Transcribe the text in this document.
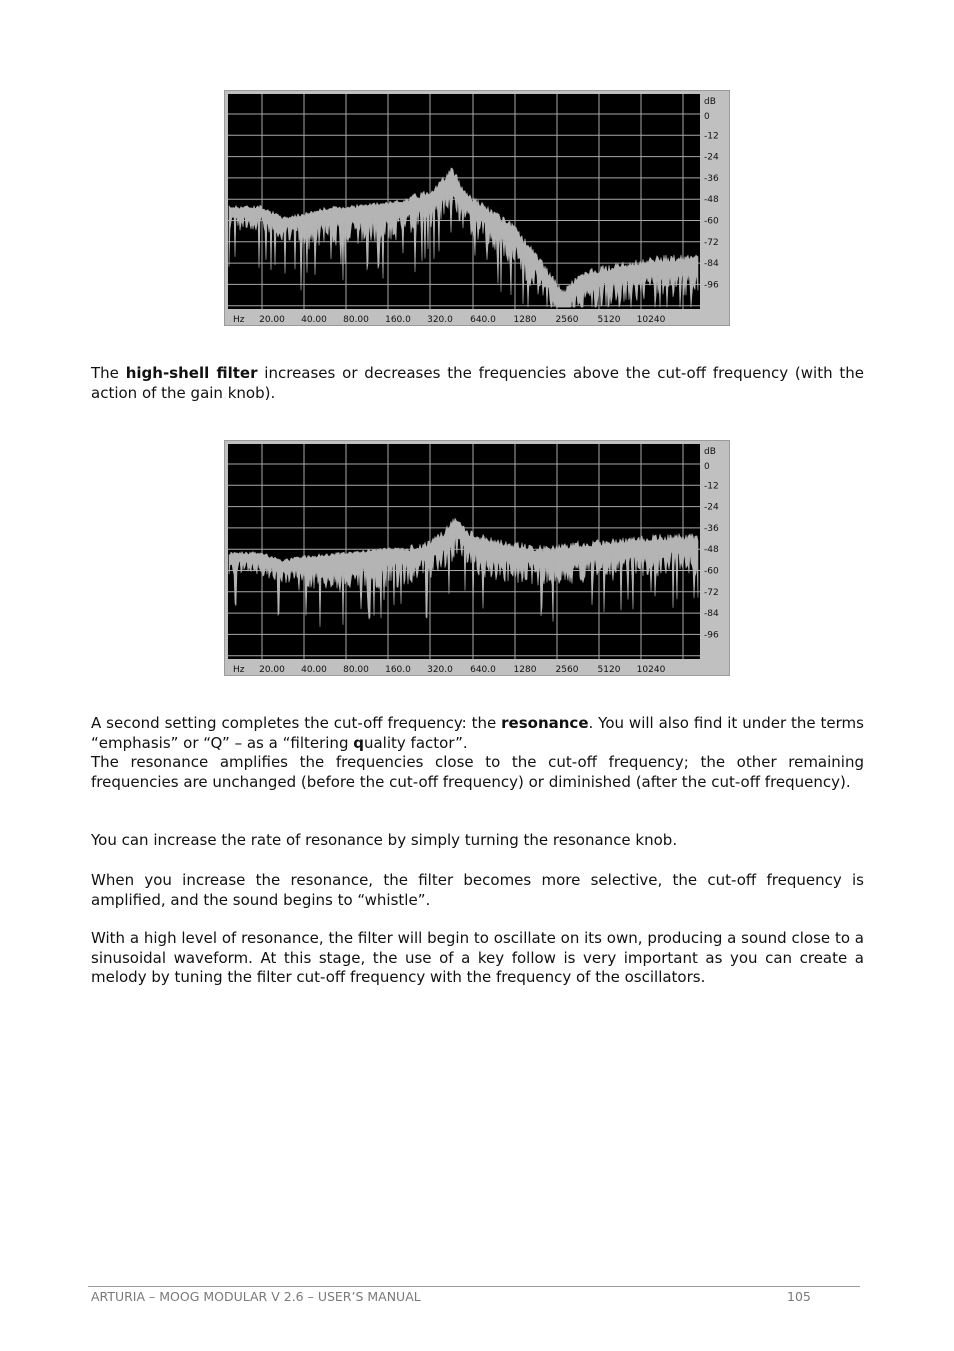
dB
0
-12
-24
-36
-48
-60
-72
-84
-96
Hz 20.00 40.00 80.00 160.0 320.0 640.0 1280 2560 5120 10240

The high-shell filter increases or decreases the frequencies above the cut-off frequency (with the action of the gain knob).

dB
0
-12
-24
-36
-48
-60
-72
-84
-96
Hz 20.00 40.00 80.00 160.0 320.0 640.0 1280 2560 5120 10240

A second setting completes the cut-off frequency: the resonance. You will also find it under the terms “emphasis” or “Q” – as a “filtering quality factor”.
The resonance amplifies the frequencies close to the cut-off frequency; the other remaining frequencies are unchanged (before the cut-off frequency) or diminished (after the cut-off frequency).

You can increase the rate of resonance by simply turning the resonance knob.

When you increase the resonance, the filter becomes more selective, the cut-off frequency is amplified, and the sound begins to “whistle”.

With a high level of resonance, the filter will begin to oscillate on its own, producing a sound close to a sinusoidal waveform. At this stage, the use of a key follow is very important as you can create a melody by tuning the filter cut-off frequency with the frequency of the oscillators.

ARTURIA – MOOG MODULAR V 2.6 – USER’S MANUAL	105
